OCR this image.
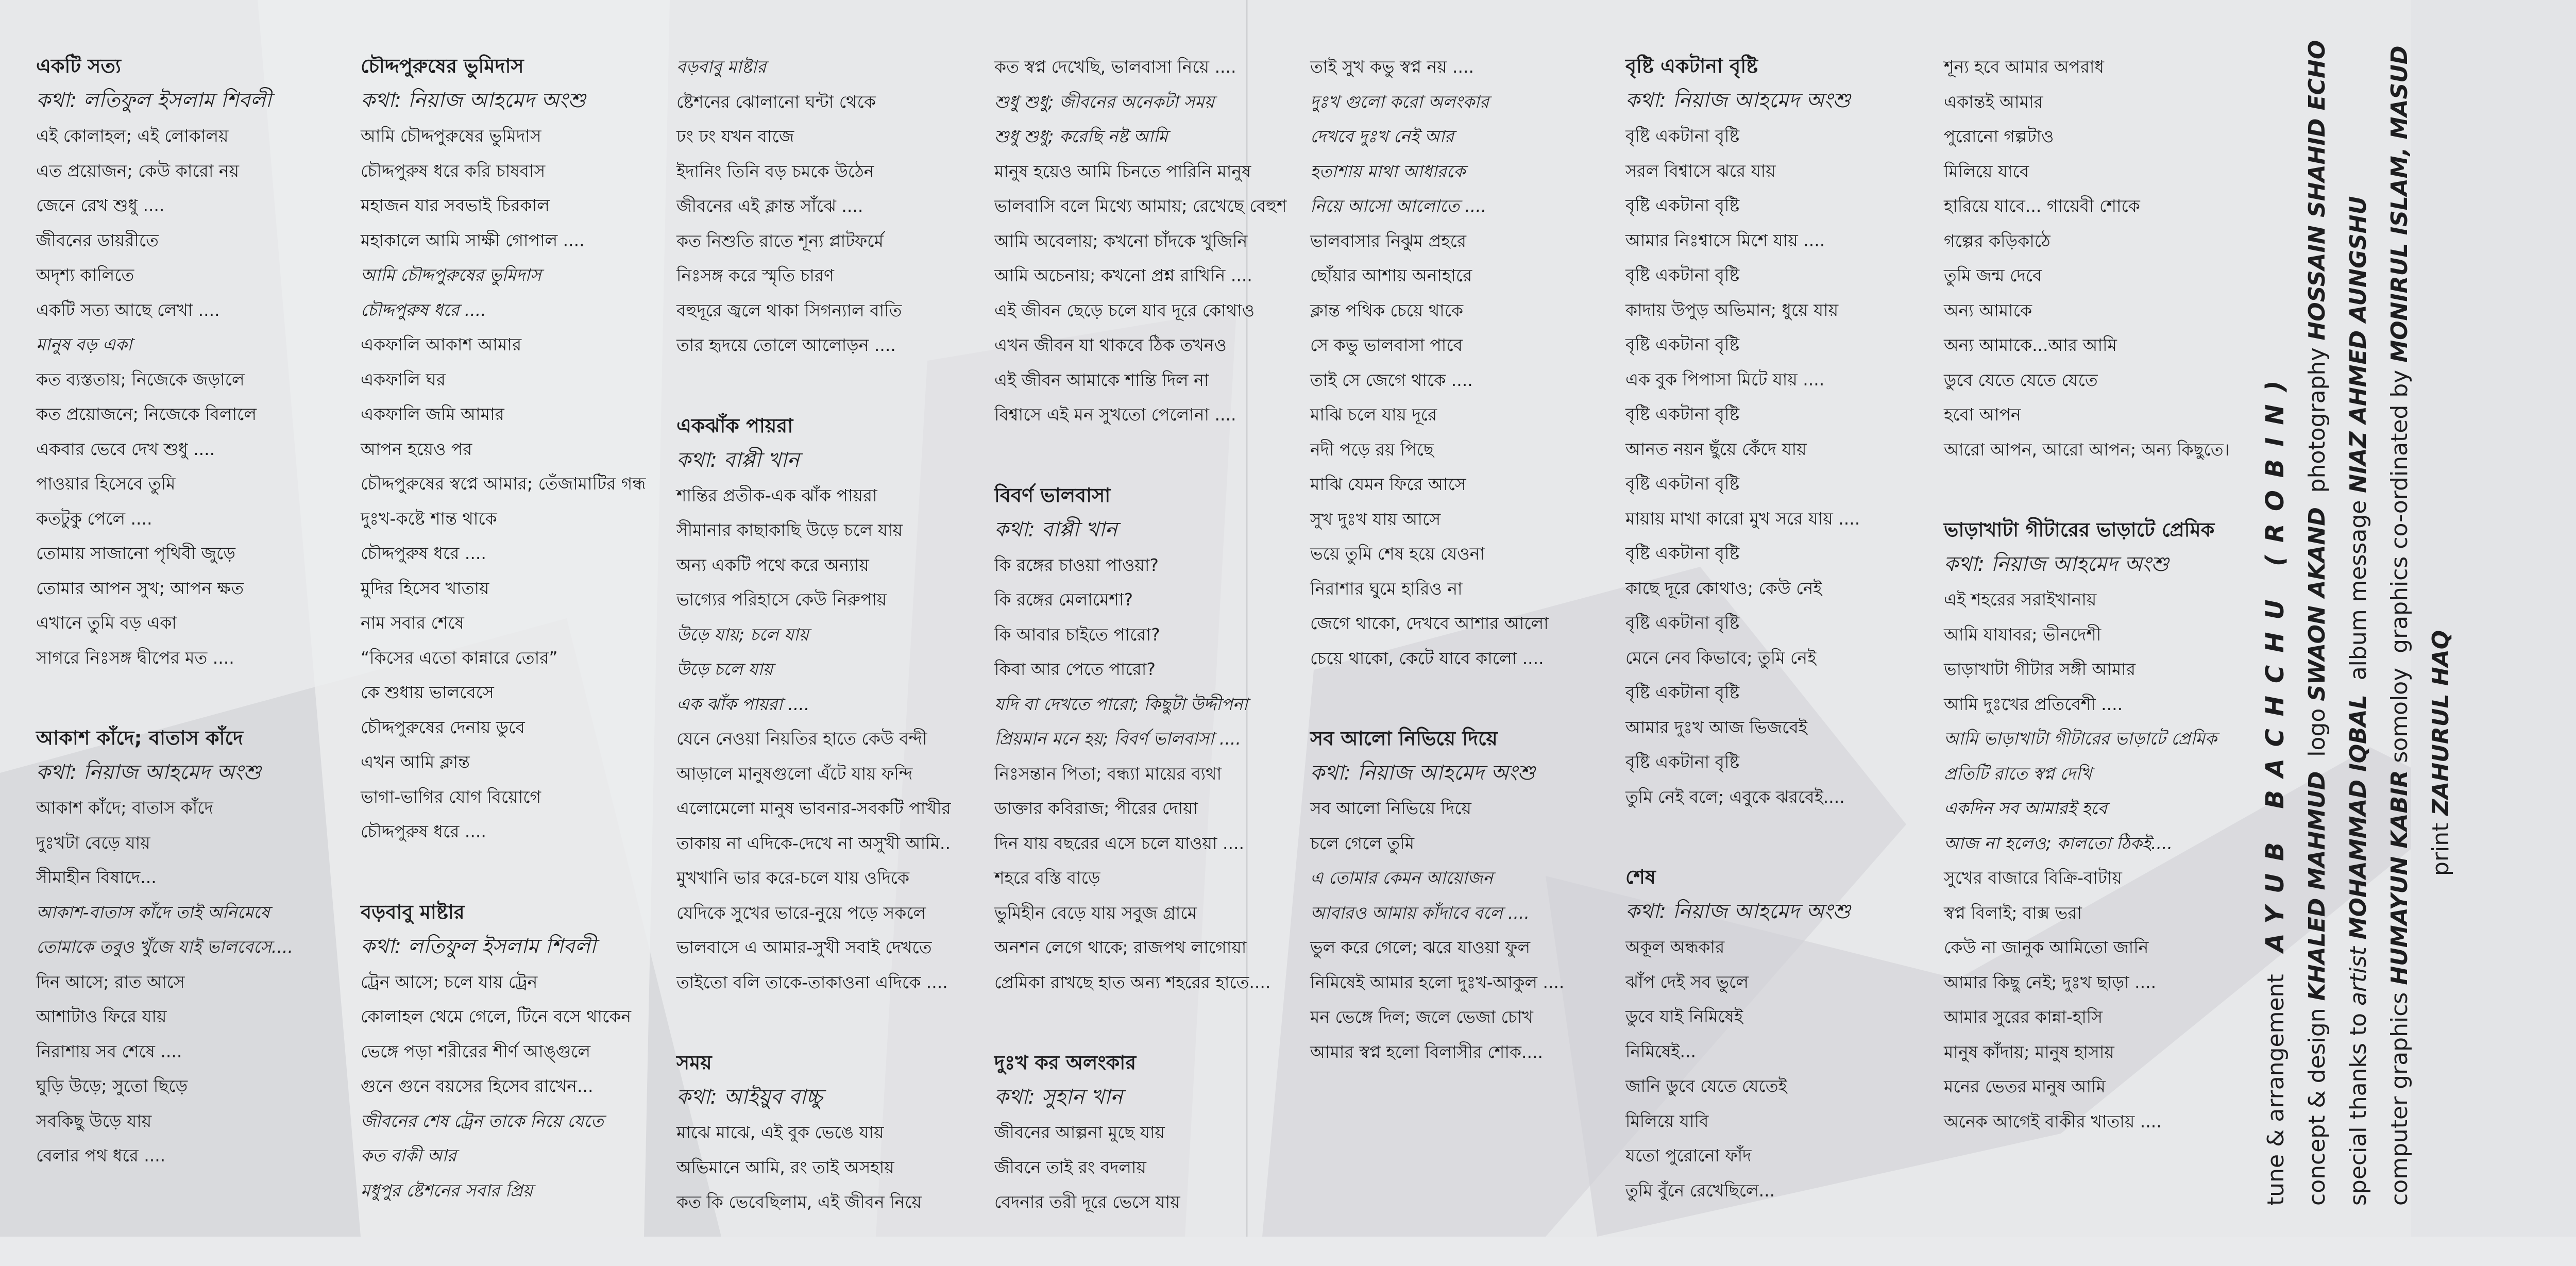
একটি সত্য
কথা: লতিফুল ইসলাম শিবলী
এই কোলাহল; এই লোকালয়
এত প্রয়োজন; কেউ কারো নয়
জেনে রেখ শুধু ....
জীবনের ডায়রীতে
অদৃশ্য কালিতে
একটি সত্য আছে লেখা ....
মানুষ বড় একা
কত ব্যস্ততায়; নিজেকে জড়ালে
কত প্রয়োজনে; নিজেকে বিলালে
একবার ভেবে দেখ শুধু ....
পাওয়ার হিসেবে তুমি
কতটুকু পেলে ....
তোমায় সাজানো পৃথিবী জুড়ে
তোমার আপন সুখ; আপন ক্ষত
এখানে তুমি বড় একা
সাগরে নিঃসঙ্গ দ্বীপের মত ....
আকাশ কাঁদে; বাতাস কাঁদে
কথা: নিয়াজ আহমেদ অংশু
আকাশ কাঁদে; বাতাস কাঁদে
দুঃখটা বেড়ে যায়
সীমাহীন বিষাদে...
আকাশ-বাতাস কাঁদে তাই অনিমেষে
তোমাকে তবুও খুঁজে যাই ভালবেসে....
দিন আসে; রাত আসে
আশাটাও ফিরে যায়
নিরাশায় সব শেষে ....
ঘুড়ি উড়ে; সুতো ছিড়ে
সবকিছু উড়ে যায়
বেলার পথ ধরে ....
চৌদ্দপুরুষের ভুমিদাস
কথা: নিয়াজ আহমেদ অংশু
আমি চৌদ্দপুরুষের ভুমিদাস
চৌদ্দপুরুষ ধরে করি চাষবাস
মহাজন যার সবভাই চিরকাল
মহাকালে আমি সাক্ষী গোপাল ....
আমি চৌদ্দপুরুষের ভুমিদাস
চৌদ্দপুরুষ ধরে ....
একফালি আকাশ আমার
একফালি ঘর
একফালি জমি আমার
আপন হয়েও পর
চৌদ্দপুরুষের স্বপ্নে আমার; তেঁজামাটির গন্ধ
দুঃখ-কষ্টে শান্ত থাকে
চৌদ্দপুরুষ ধরে ....
মুদির হিসেব খাতায়
নাম সবার শেষে
“কিসের এতো কান্নারে তোর”
কে শুধায় ভালবেসে
চৌদ্দপুরুষের দেনায় ডুবে
এখন আমি ক্লান্ত
ভাগা-ভাগির যোগ বিয়োগে
চৌদ্দপুরুষ ধরে ....
বড়বাবু মাষ্টার
কথা: লতিফুল ইসলাম শিবলী
ট্রেন আসে; চলে যায় ট্রেন
কোলাহল থেমে গেলে, টিনে বসে থাকেন
ভেঙ্গে পড়া শরীরের শীর্ণ আঙ্গুলে
গুনে গুনে বয়সের হিসেব রাখেন...
জীবনের শেষ ট্রেন তাকে নিয়ে যেতে
কত বাকী আর
মধুপুর ষ্টেশনের সবার প্রিয়
বড়বাবু মাষ্টার
ষ্টেশনের ঝোলানো ঘন্টা থেকে
ঢং ঢং যখন বাজে
ইদানিং তিনি বড় চমকে উঠেন
জীবনের এই ক্লান্ত সাঁঝে ....
কত নিশুতি রাতে শূন্য প্লাটফর্মে
নিঃসঙ্গ করে স্মৃতি চারণ
বহুদূরে জ্বলে থাকা সিগন্যাল বাতি
তার হৃদয়ে তোলে আলোড়ন ....
একঝাঁক পায়রা
কথা: বাপ্পী খান
শান্তির প্রতীক-এক ঝাঁক পায়রা
সীমানার কাছাকাছি উড়ে চলে যায়
অন্য একটি পথে করে অন্যায়
ভাগ্যের পরিহাসে কেউ নিরুপায়
উড়ে যায়; চলে যায়
উড়ে চলে যায়
এক ঝাঁক পায়রা ....
যেনে নেওয়া নিয়তির হাতে কেউ বন্দী
আড়ালে মানুষগুলো এঁটে যায় ফন্দি
এলোমেলো মানুষ ভাবনার-সবকটি পাখীর
তাকায় না এদিকে-দেখে না অসুখী আমি..
মুখখানি ভার করে-চলে যায় ওদিকে
যেদিকে সুখের ভারে-নুয়ে পড়ে সকলে
ভালবাসে এ আমার-সুখী সবাই দেখতে
তাইতো বলি তাকে-তাকাওনা এদিকে ....
সময়
কথা: আইয়ুব বাচ্চু
মাঝে মাঝে, এই বুক ভেঙে যায়
অভিমানে আমি, রং তাই অসহায়
কত কি ভেবেছিলাম, এই জীবন নিয়ে
কত স্বপ্ন দেখেছি, ভালবাসা নিয়ে ....
শুধু শুধু; জীবনের অনেকটা সময়
শুধু শুধু; করেছি নষ্ট আমি
মানুষ হয়েও আমি চিনতে পারিনি মানুষ
ভালবাসি বলে মিথ্যে আমায়; রেখেছে বেহুশ
আমি অবেলায়; কখনো চাঁদকে খুজিনি
আমি অচেনায়; কখনো প্রশ্ন রাখিনি ....
এই জীবন ছেড়ে চলে যাব দূরে কোথাও
এখন জীবন যা থাকবে ঠিক তখনও
এই জীবন আমাকে শান্তি দিল না
বিশ্বাসে এই মন সুখতো পেলোনা ....
বিবর্ণ ভালবাসা
কথা: বাপ্পী খান
কি রঙ্গের চাওয়া পাওয়া?
কি রঙ্গের মেলামেশা?
কি আবার চাইতে পারো?
কিবা আর পেতে পারো?
যদি বা দেখতে পারো; কিছুটা উদ্দীপনা
প্রিয়মান মনে হয়; বিবর্ণ ভালবাসা ....
নিঃসন্তান পিতা; বন্ধ্যা মায়ের ব্যথা
ডাক্তার কবিরাজ; পীরের দোয়া
দিন যায় বছরের এসে চলে যাওয়া ....
শহরে বস্তি বাড়ে
ভুমিহীন বেড়ে যায় সবুজ গ্রামে
অনশন লেগে থাকে; রাজপথ লাগোয়া
প্রেমিকা রাখছে হাত অন্য শহরের হাতে....
দুঃখ কর অলংকার
কথা: সুহান খান
জীবনের আল্পনা মুছে যায়
জীবনে তাই রং বদলায়
বেদনার তরী দূরে ভেসে যায়
তাই সুখ কভু স্বপ্ন নয় ....
দুঃখ গুলো করো অলংকার
দেখবে দুঃখ নেই আর
হতাশায় মাথা আধারকে
নিয়ে আসো আলোতে ....
ভালবাসার নিঝুম প্রহরে
ছোঁয়ার আশায় অনাহারে
ক্লান্ত পথিক চেয়ে থাকে
সে কভু ভালবাসা পাবে
তাই সে জেগে থাকে ....
মাঝি চলে যায় দূরে
নদী পড়ে রয় পিছে
মাঝি যেমন ফিরে আসে
সুখ দুঃখ যায় আসে
ভয়ে তুমি শেষ হয়ে যেওনা
নিরাশার ঘুমে হারিও না
জেগে থাকো, দেখবে আশার আলো
চেয়ে থাকো, কেটে যাবে কালো ....
সব আলো নিভিয়ে দিয়ে
কথা: নিয়াজ আহমেদ অংশু
সব আলো নিভিয়ে দিয়ে
চলে গেলে তুমি
এ তোমার কেমন আয়োজন
আবারও আমায় কাঁদাবে বলে ....
ভুল করে গেলে; ঝরে যাওয়া ফুল
নিমিষেই আমার হলো দুঃখ-আকুল ....
মন ভেঙ্গে দিল; জলে ভেজা চোখ
আমার স্বপ্ন হলো বিলাসীর শোক....
বৃষ্টি একটানা বৃষ্টি
কথা: নিয়াজ আহমেদ অংশু
বৃষ্টি একটানা বৃষ্টি
সরল বিশ্বাসে ঝরে যায়
বৃষ্টি একটানা বৃষ্টি
আমার নিঃশ্বাসে মিশে যায় ....
বৃষ্টি একটানা বৃষ্টি
কাদায় উপুড় অভিমান; ধুয়ে যায়
বৃষ্টি একটানা বৃষ্টি
এক বুক পিপাসা মিটে যায় ....
বৃষ্টি একটানা বৃষ্টি
আনত নয়ন ছুঁয়ে কেঁদে যায়
বৃষ্টি একটানা বৃষ্টি
মায়ায় মাখা কারো মুখ সরে যায় ....
বৃষ্টি একটানা বৃষ্টি
কাছে দূরে কোথাও; কেউ নেই
বৃষ্টি একটানা বৃষ্টি
মেনে নেব কিভাবে; তুমি নেই
বৃষ্টি একটানা বৃষ্টি
আমার দুঃখ আজ ভিজবেই
বৃষ্টি একটানা বৃষ্টি
তুমি নেই বলে; এবুকে ঝরবেই....
শেষ
কথা: নিয়াজ আহমেদ অংশু
অকূল অন্ধকার
ঝাঁপ দেই সব ভুলে
ডুবে যাই নিমিষেই
নিমিষেই...
জানি ডুবে যেতে যেতেই
মিলিয়ে যাবি
যতো পুরোনো ফাঁদ
তুমি বুঁনে রেখেছিলে...
শূন্য হবে আমার অপরাধ
একান্তই আমার
পুরোনো গল্পটাও
মিলিয়ে যাবে
হারিয়ে যাবে... গায়েবী শোকে
গল্পের কড়িকাঠে
তুমি জন্ম দেবে
অন্য আমাকে
অন্য আমাকে...আর আমি
ডুবে যেতে যেতে যেতে
হবো আপন
আরো আপন, আরো আপন; অন্য কিছুতে।
ভাড়াখাটা গীটারের ভাড়াটে প্রেমিক
কথা: নিয়াজ আহমেদ অংশু
এই শহরের সরাইখানায়
আমি যাযাবর; ভীনদেশী
ভাড়াখাটা গীটার সঙ্গী আমার
আমি দুঃখের প্রতিবেশী ....
আমি ভাড়াখাটা গীটারের ভাড়াটে প্রেমিক
প্রতিটি রাতে স্বপ্ন দেখি
একদিন সব আমারই হবে
আজ না হলেও; কালতো ঠিকই....
সুখের বাজারে বিক্রি-বাটায়
স্বপ্ন বিলাই; বাক্স ভরা
কেউ না জানুক আমিতো জানি
আমার কিছু নেই; দুঃখ ছাড়া ....
আমার সুরের কান্না-হাসি
মানুষ কাঁদায়; মানুষ হাসায়
মনের ভেতর মানুষ আমি
অনেক আগেই বাকীর খাতায় ....	tune & arrangement   AYUB BACHCHU (ROBIN)
concept & design KHALED MAHMUD  logo SWAON AKAND  photography HOSSAIN SHAHID ECHO
special thanks to artist MOHAMMAD IQBAL  album message NIAZ AHMED AUNGSHU
computer graphics HUMAYUN KABIR somoloy  graphics co-ordinated by MONIRUL ISLAM, MASUD
print ZAHURUL HAQ
